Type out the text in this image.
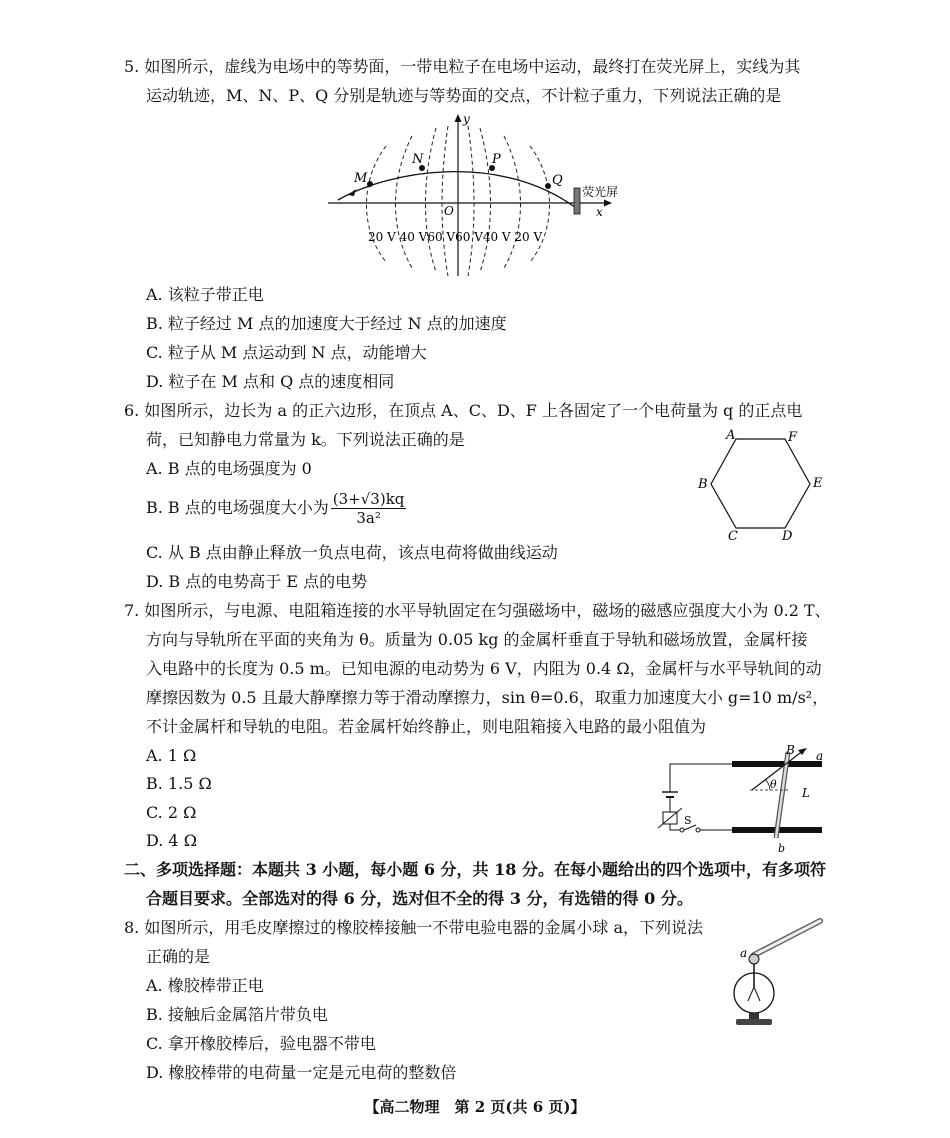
5. 如图所示，虚线为电场中的等势面，一带电粒子在电场中运动，最终打在荧光屏上，实线为其
运动轨迹，M、N、P、Q 分别是轨迹与等势面的交点，不计粒子重力，下列说法正确的是
y
x
O
M
N	P
Q
荧光屏
20 V 40 V60 V60 V40 V 20 V
A. 该粒子带正电
B. 粒子经过 M 点的加速度大于经过 N 点的加速度
C. 粒子从 M 点运动到 N 点，动能增大
D. 粒子在 M 点和 Q 点的速度相同
6. 如图所示，边长为 a 的正六边形，在顶点 A、C、D、F 上各固定了一个电荷量为 q 的正点电
荷，已知静电力常量为 k。下列说法正确的是
A. B 点的电场强度为 0
B. B 点的电场强度大小为 $\frac{(3+√3)kq}{\text{3a²}}$
C. 从 B 点由静止释放一负点电荷，该点电荷将做曲线运动
D. B 点的电势高于 E 点的电势
A	F
B	E
C	D
7. 如图所示，与电源、电阻箱连接的水平导轨固定在匀强磁场中，磁场的磁感应强度大小为 0.2 T、
方向与导轨所在平面的夹角为 θ。质量为 0.05 kg 的金属杆垂直于导轨和磁场放置，金属杆接
入电路中的长度为 0.5 m。已知电源的电动势为 6 V，内阻为 0.4 Ω，金属杆与水平导轨间的动
摩擦因数为 0.5 且最大静摩擦力等于滑动摩擦力，sin θ=0.6，取重力加速度大小 g=10 m/s²，
不计金属杆和导轨的电阻。若金属杆始终静止，则电阻箱接入电路的最小阻值为
A. 1 Ω
B. 1.5 Ω
C. 2 Ω
D. 4 Ω
S
B a
θ
L
b
二、多项选择题：本题共 3 小题，每小题 6 分，共 18 分。在每小题给出的四个选项中，有多项符
合题目要求。全部选对的得 6 分，选对但不全的得 3 分，有选错的得 0 分。
8. 如图所示，用毛皮摩擦过的橡胶棒接触一不带电验电器的金属小球 a，下列说法
正确的是
A. 橡胶棒带正电
B. 接触后金属箔片带负电
C. 拿开橡胶棒后，验电器不带电
D. 橡胶棒带的电荷量一定是元电荷的整数倍
a
【高二物理　第 2 页(共 6 页)】
